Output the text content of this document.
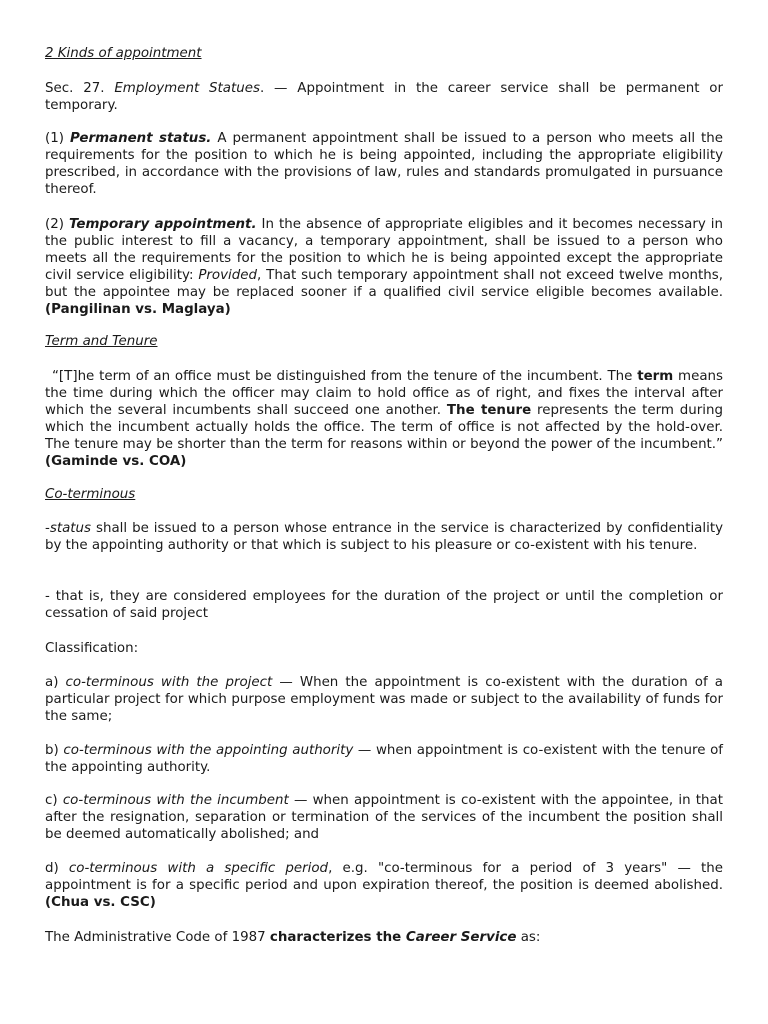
2 Kinds of appointment

Sec. 27. Employment Statues. — Appointment in the career service shall be permanent or temporary.

(1) Permanent status. A permanent appointment shall be issued to a person who meets all the requirements for the position to which he is being appointed, including the appropriate eligibility prescribed, in accordance with the provisions of law, rules and standards promulgated in pursuance thereof.

(2) Temporary appointment. In the absence of appropriate eligibles and it becomes necessary in the public interest to fill a vacancy, a temporary appointment, shall be issued to a person who meets all the requirements for the position to which he is being appointed except the appropriate civil service eligibility: Provided, That such temporary appointment shall not exceed twelve months, but the appointee may be replaced sooner if a qualified civil service eligible becomes available. (Pangilinan vs. Maglaya)

Term and Tenure

“[T]he term of an office must be distinguished from the tenure of the incumbent. The term means the time during which the officer may claim to hold office as of right, and fixes the interval after which the several incumbents shall succeed one another. The tenure represents the term during which the incumbent actually holds the office. The term of office is not affected by the hold-over. The tenure may be shorter than the term for reasons within or beyond the power of the incumbent.” (Gaminde vs. COA)

Co-terminous

-status shall be issued to a person whose entrance in the service is characterized by confidentiality by the appointing authority or that which is subject to his pleasure or co-existent with his tenure.

- that is, they are considered employees for the duration of the project or until the completion or cessation of said project

Classification:

a) co-terminous with the project — When the appointment is co-existent with the duration of a particular project for which purpose employment was made or subject to the availability of funds for the same;

b) co-terminous with the appointing authority — when appointment is co-existent with the tenure of the appointing authority.

c) co-terminous with the incumbent — when appointment is co-existent with the appointee, in that after the resignation, separation or termination of the services of the incumbent the position shall be deemed automatically abolished; and

d) co-terminous with a specific period, e.g. "co-terminous for a period of 3 years" — the appointment is for a specific period and upon expiration thereof, the position is deemed abolished. (Chua vs. CSC)

The Administrative Code of 1987 characterizes the Career Service as:
